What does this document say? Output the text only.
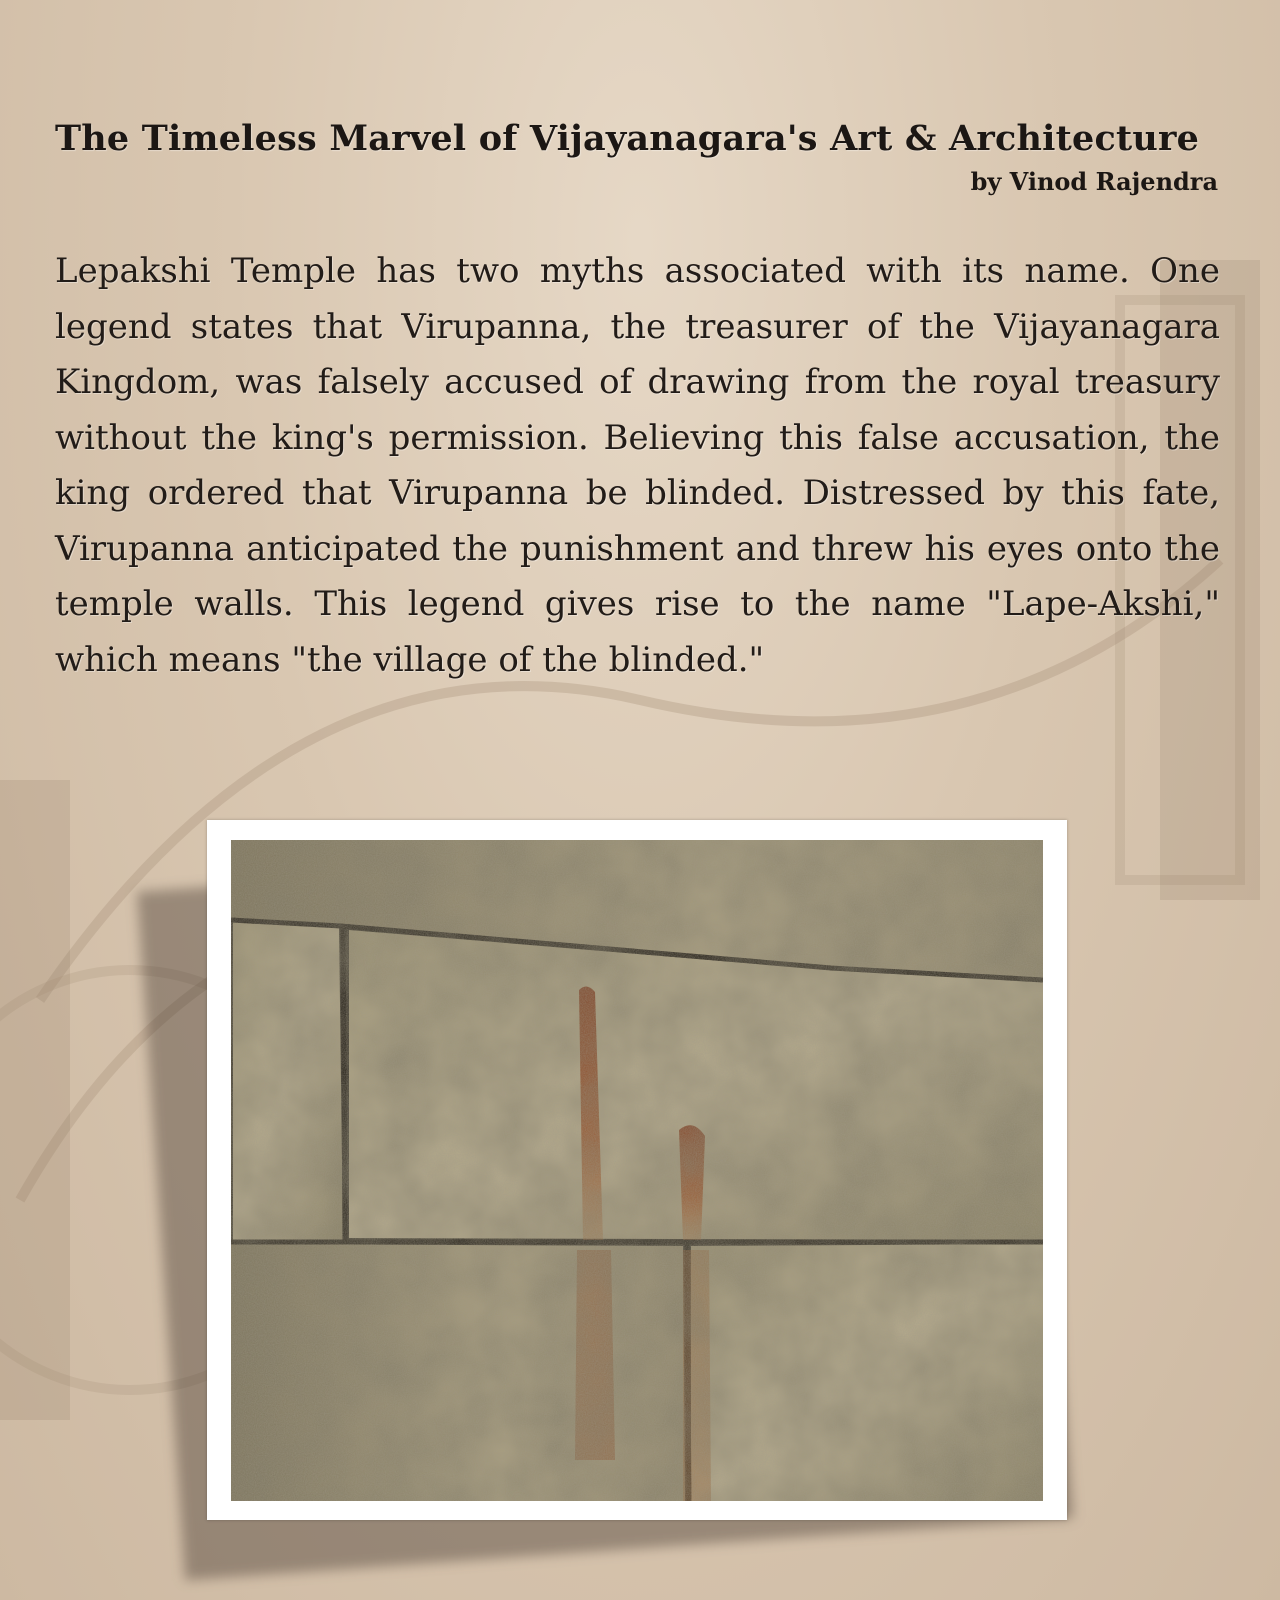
The Timeless Marvel of Vijayanagara's Art & Architecture
by Vinod Rajendra
Lepakshi Temple has two myths associated with its name. One legend states that Virupanna, the treasurer of the Vijayanagara Kingdom, was falsely accused of drawing from the royal treasury without the king's permission. Believing this false accusation, the king ordered that Virupanna be blinded. Distressed by this fate, Virupanna anticipated the punishment and threw his eyes onto the temple walls. This legend gives rise to the name "Lape-Akshi," which means "the village of the blinded."
